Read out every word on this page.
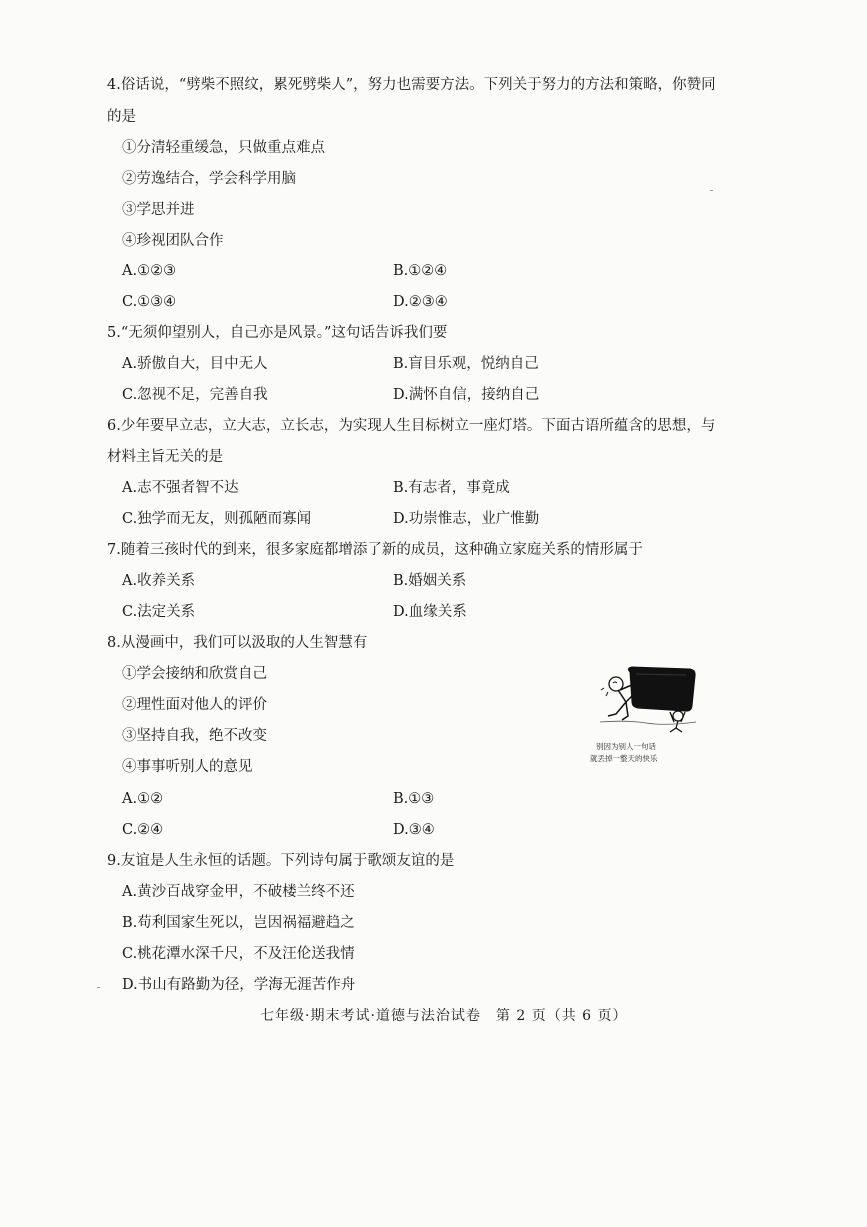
4.俗话说，“劈柴不照纹，累死劈柴人”，努力也需要方法。下列关于努力的方法和策略，你赞同
的是
①分清轻重缓急，只做重点难点
②劳逸结合，学会科学用脑
③学思并进
④珍视团队合作
A.①②③	B.①②④
C.①③④	D.②③④
5.“无须仰望别人，自己亦是风景。”这句话告诉我们要
A.骄傲自大，目中无人	B.盲目乐观，悦纳自己
C.忽视不足，完善自我	D.满怀自信，接纳自己
6.少年要早立志，立大志，立长志，为实现人生目标树立一座灯塔。下面古语所蕴含的思想，与
材料主旨无关的是
A.志不强者智不达	B.有志者，事竟成
C.独学而无友，则孤陋而寡闻	D.功崇惟志，业广惟勤
7.随着三孩时代的到来，很多家庭都增添了新的成员，这种确立家庭关系的情形属于
A.收养关系	B.婚姻关系
C.法定关系	D.血缘关系
8.从漫画中，我们可以汲取的人生智慧有
①学会接纳和欣赏自己
②理性面对他人的评价
③坚持自我，绝不改变
④事事听别人的意见
A.①②	B.①③
C.②④	D.③④
别因为别人一句话
就丢掉一整天的快乐
9.友谊是人生永恒的话题。下列诗句属于歌颂友谊的是
A.黄沙百战穿金甲，不破楼兰终不还
B.苟利国家生死以，岂因祸福避趋之
C.桃花潭水深千尺，不及汪伦送我情
D.书山有路勤为径，学海无涯苦作舟
七年级·期末考试·道德与法治试卷　第 2 页（共 6 页）
